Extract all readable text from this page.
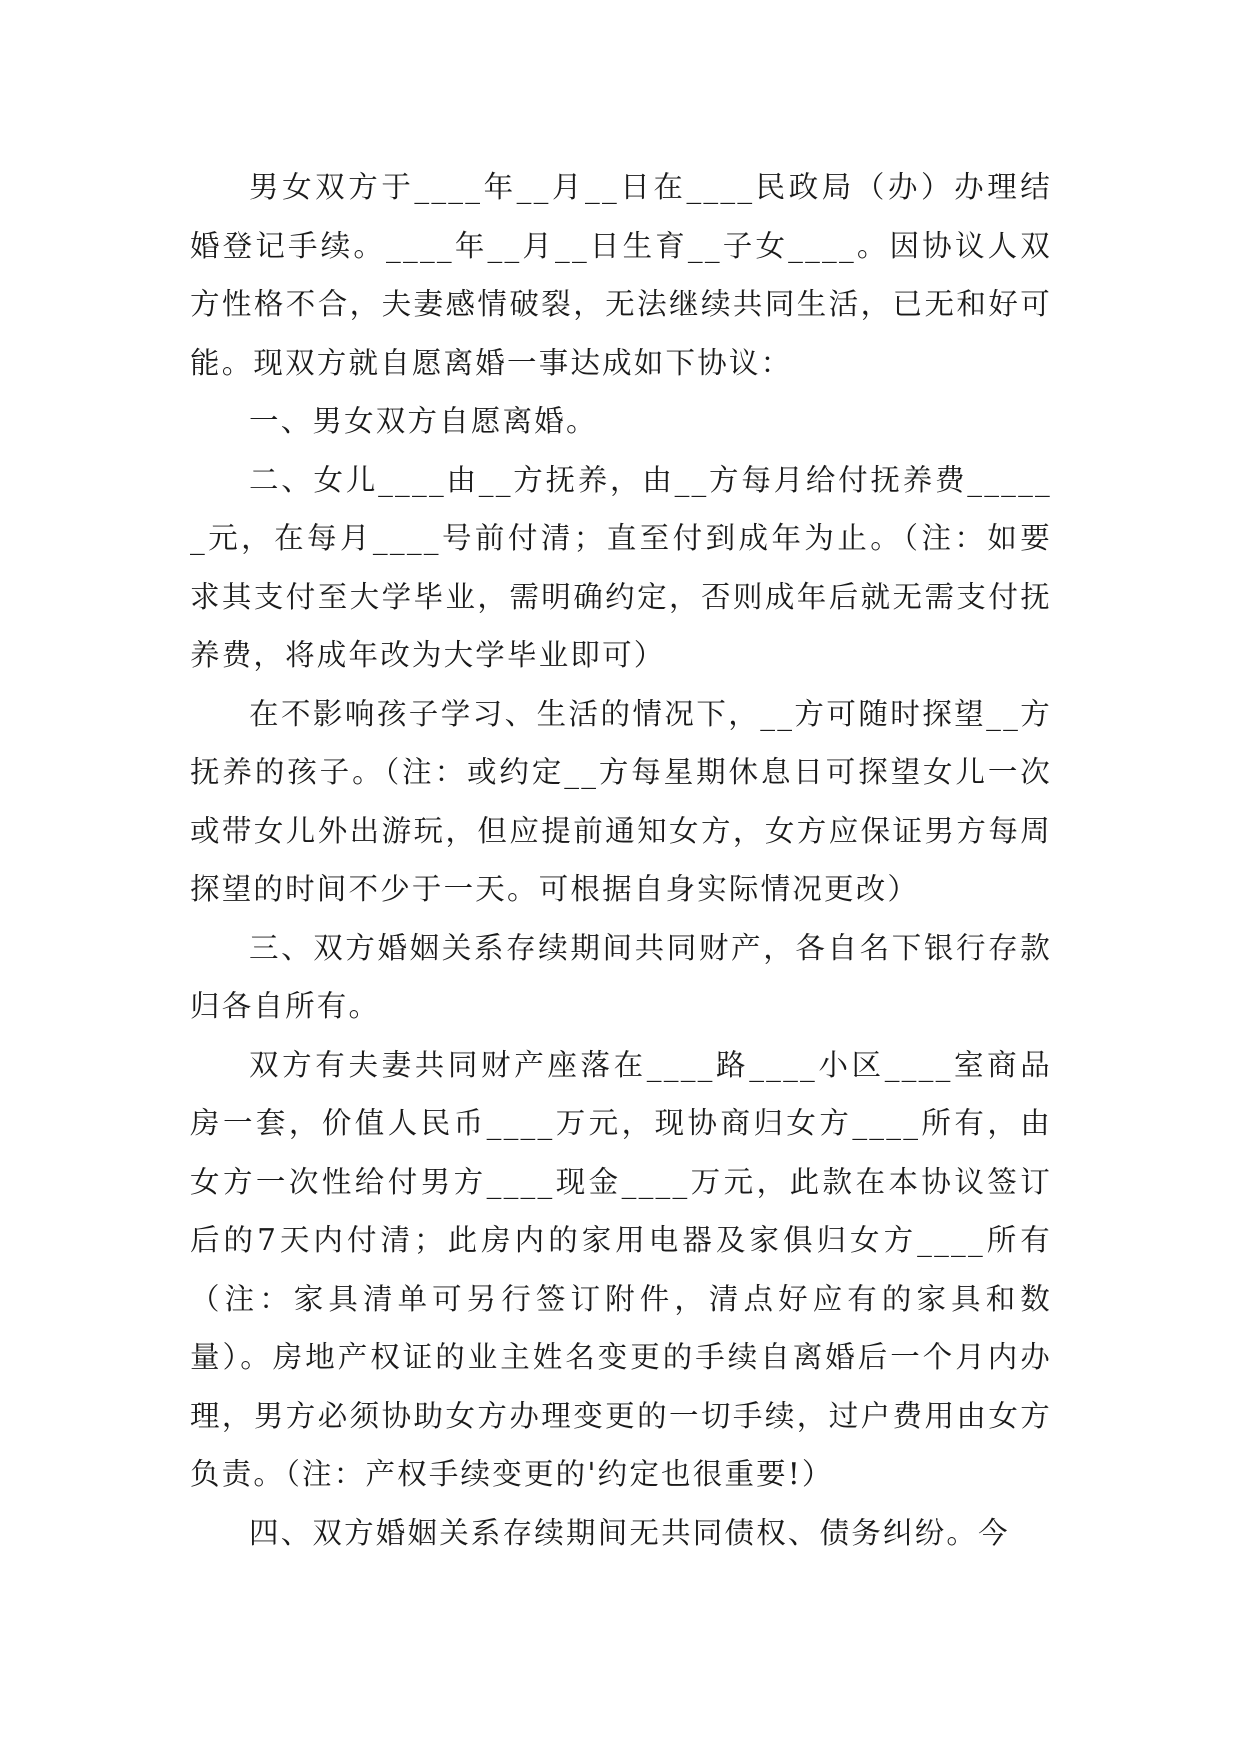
男女双方于____年__月__日在____民政局（办）办理结婚登记手续。____年__月__日生育__子女____。因协议人双方性格不合，夫妻感情破裂，无法继续共同生活，已无和好可能。现双方就自愿离婚一事达成如下协议：

一、男女双方自愿离婚。

二、女儿____由__方抚养，由__方每月给付抚养费______元，在每月____号前付清；直至付到成年为止。（注：如要求其支付至大学毕业，需明确约定，否则成年后就无需支付抚养费，将成年改为大学毕业即可）

在不影响孩子学习、生活的情况下，__方可随时探望__方抚养的孩子。（注：或约定__方每星期休息日可探望女儿一次或带女儿外出游玩，但应提前通知女方，女方应保证男方每周探望的时间不少于一天。可根据自身实际情况更改）

三、双方婚姻关系存续期间共同财产，各自名下银行存款归各自所有。

双方有夫妻共同财产座落在____路____小区____室商品房一套，价值人民币____万元，现协商归女方____所有，由女方一次性给付男方____现金____万元，此款在本协议签订后的7天内付清；此房内的家用电器及家俱归女方____所有（注：家具清单可另行签订附件，清点好应有的家具和数量）。房地产权证的业主姓名变更的手续自离婚后一个月内办理，男方必须协助女方办理变更的一切手续，过户费用由女方负责。（注：产权手续变更的'约定也很重要!）

四、双方婚姻关系存续期间无共同债权、债务纠纷。今
